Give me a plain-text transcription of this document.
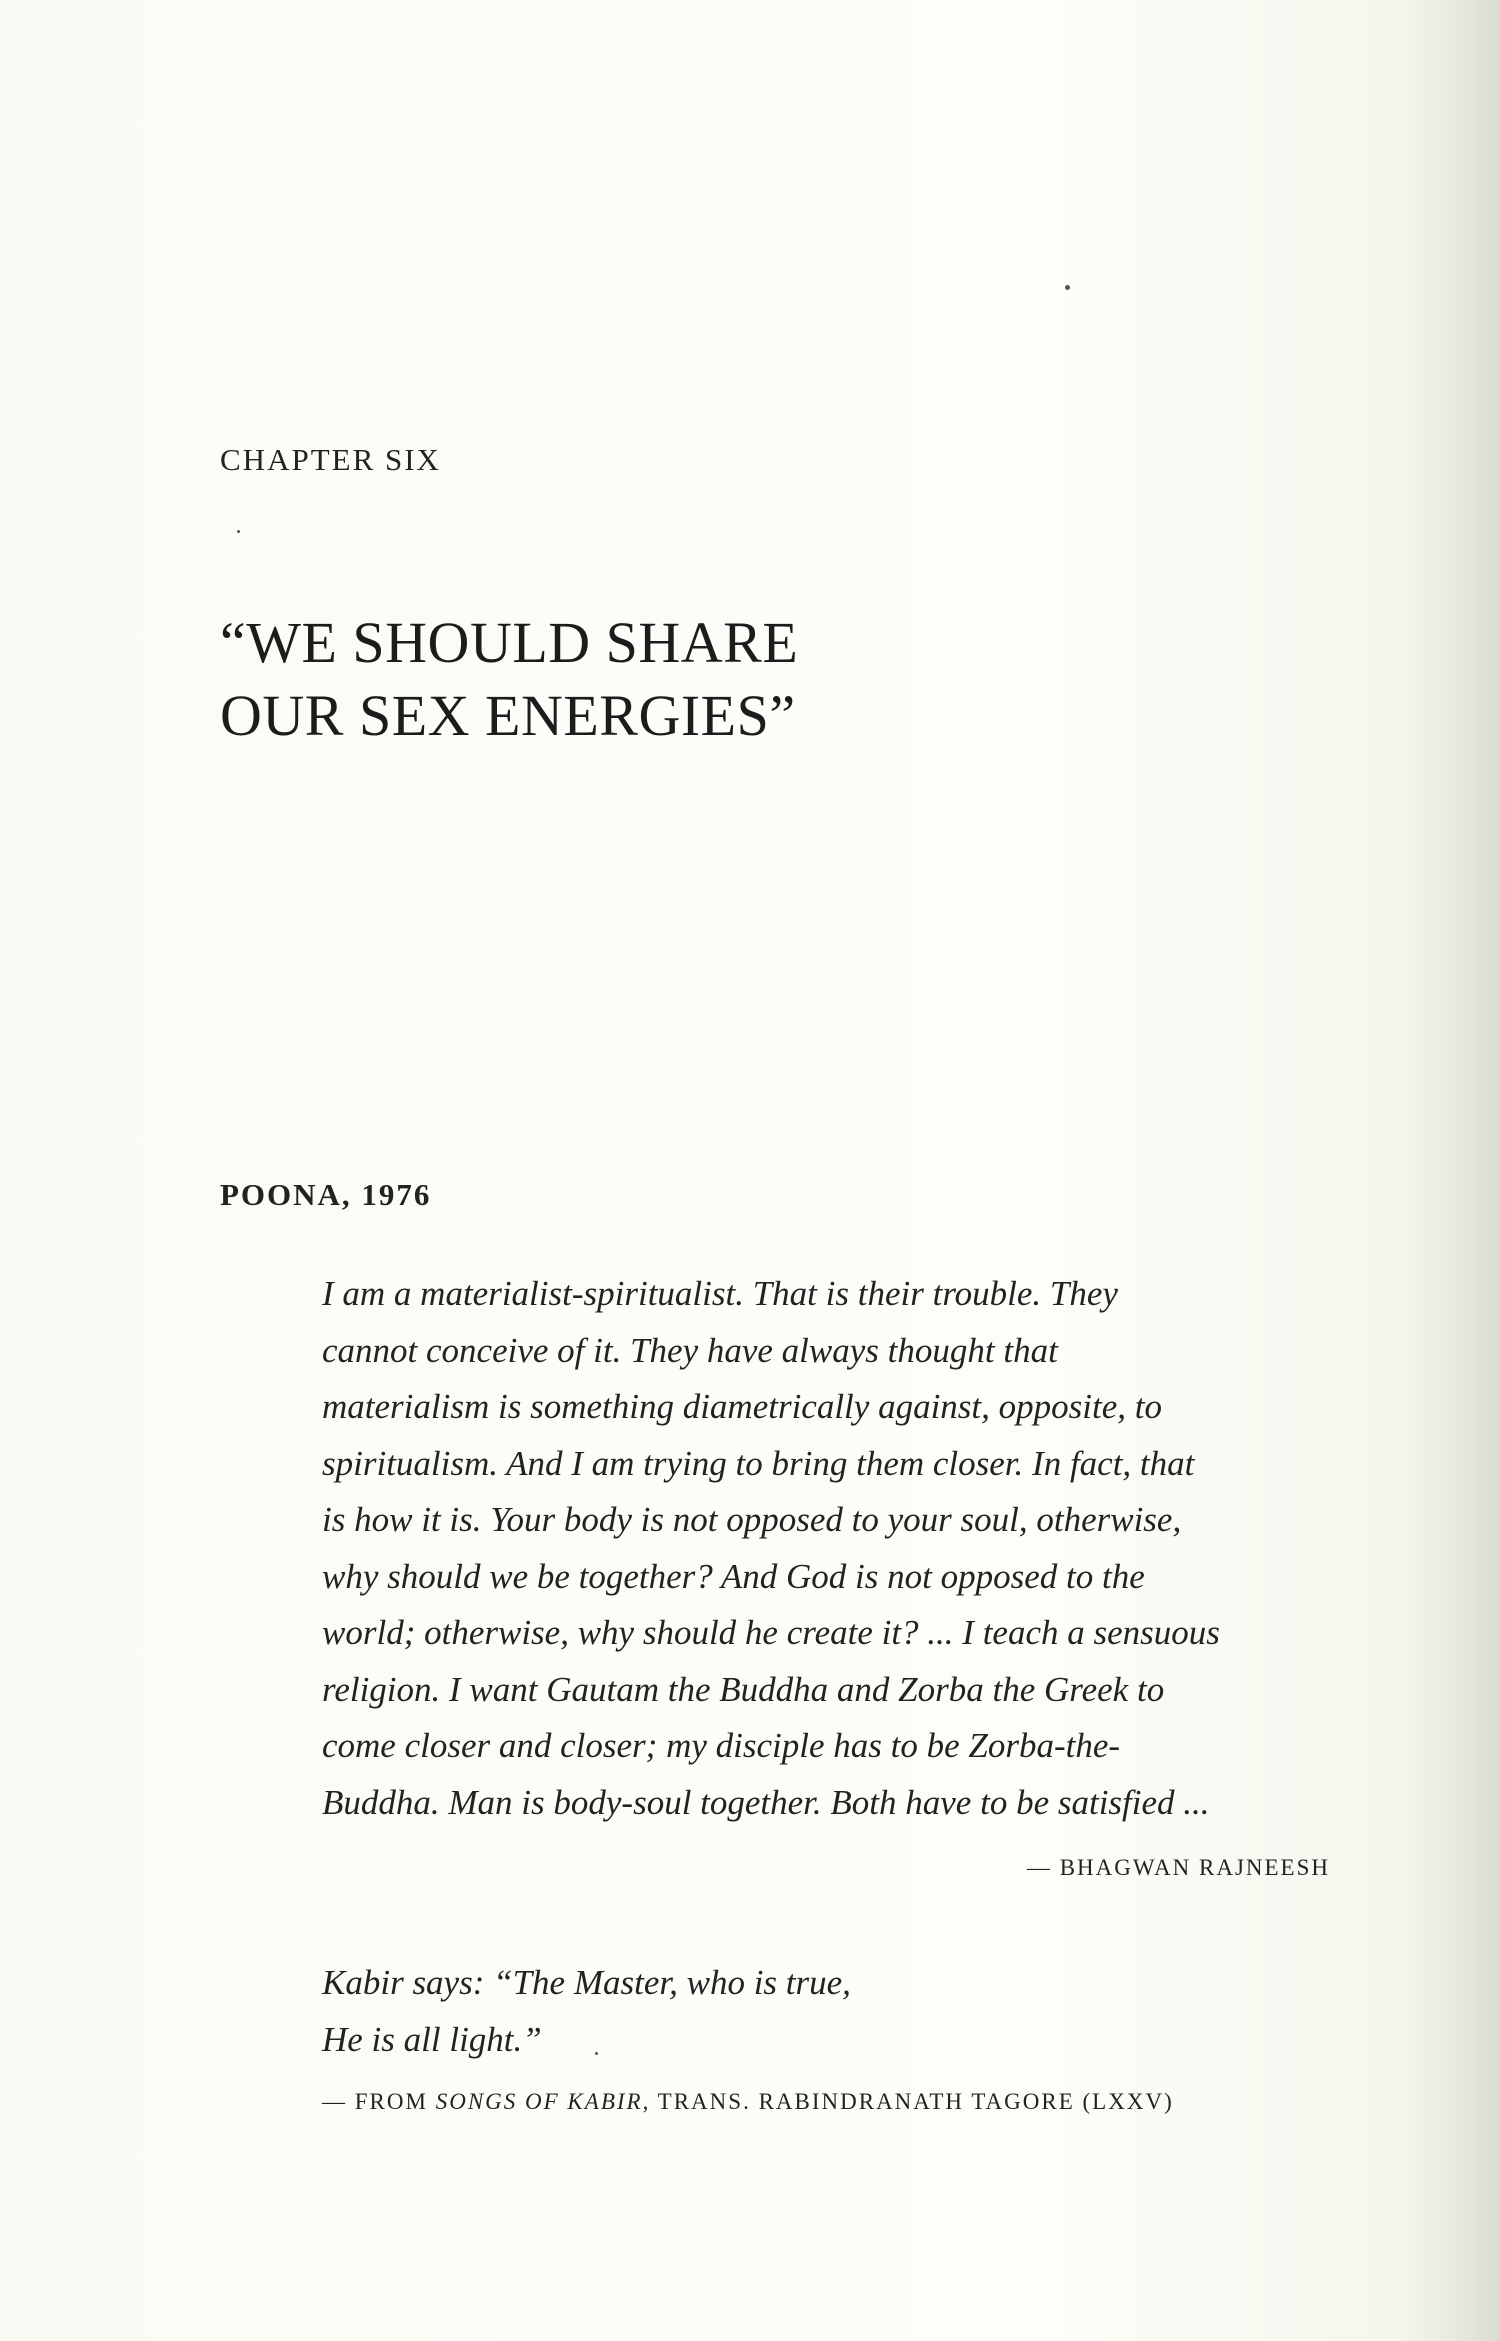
CHAPTER SIX
“WE SHOULD SHARE
OUR SEX ENERGIES”
POONA, 1976
I am a materialist-spiritualist. That is their trouble. They
cannot conceive of it. They have always thought that
materialism is something diametrically against, opposite, to
spiritualism. And I am trying to bring them closer. In fact, that
is how it is. Your body is not opposed to your soul, otherwise,
why should we be together? And God is not opposed to the
world; otherwise, why should he create it? ... I teach a sensuous
religion. I want Gautam the Buddha and Zorba the Greek to
come closer and closer; my disciple has to be Zorba-the-
Buddha. Man is body-soul together. Both have to be satisfied ...
— BHAGWAN RAJNEESH
Kabir says: “The Master, who is true,
He is all light.”
— FROM SONGS OF KABIR, TRANS. RABINDRANATH TAGORE (LXXV)
